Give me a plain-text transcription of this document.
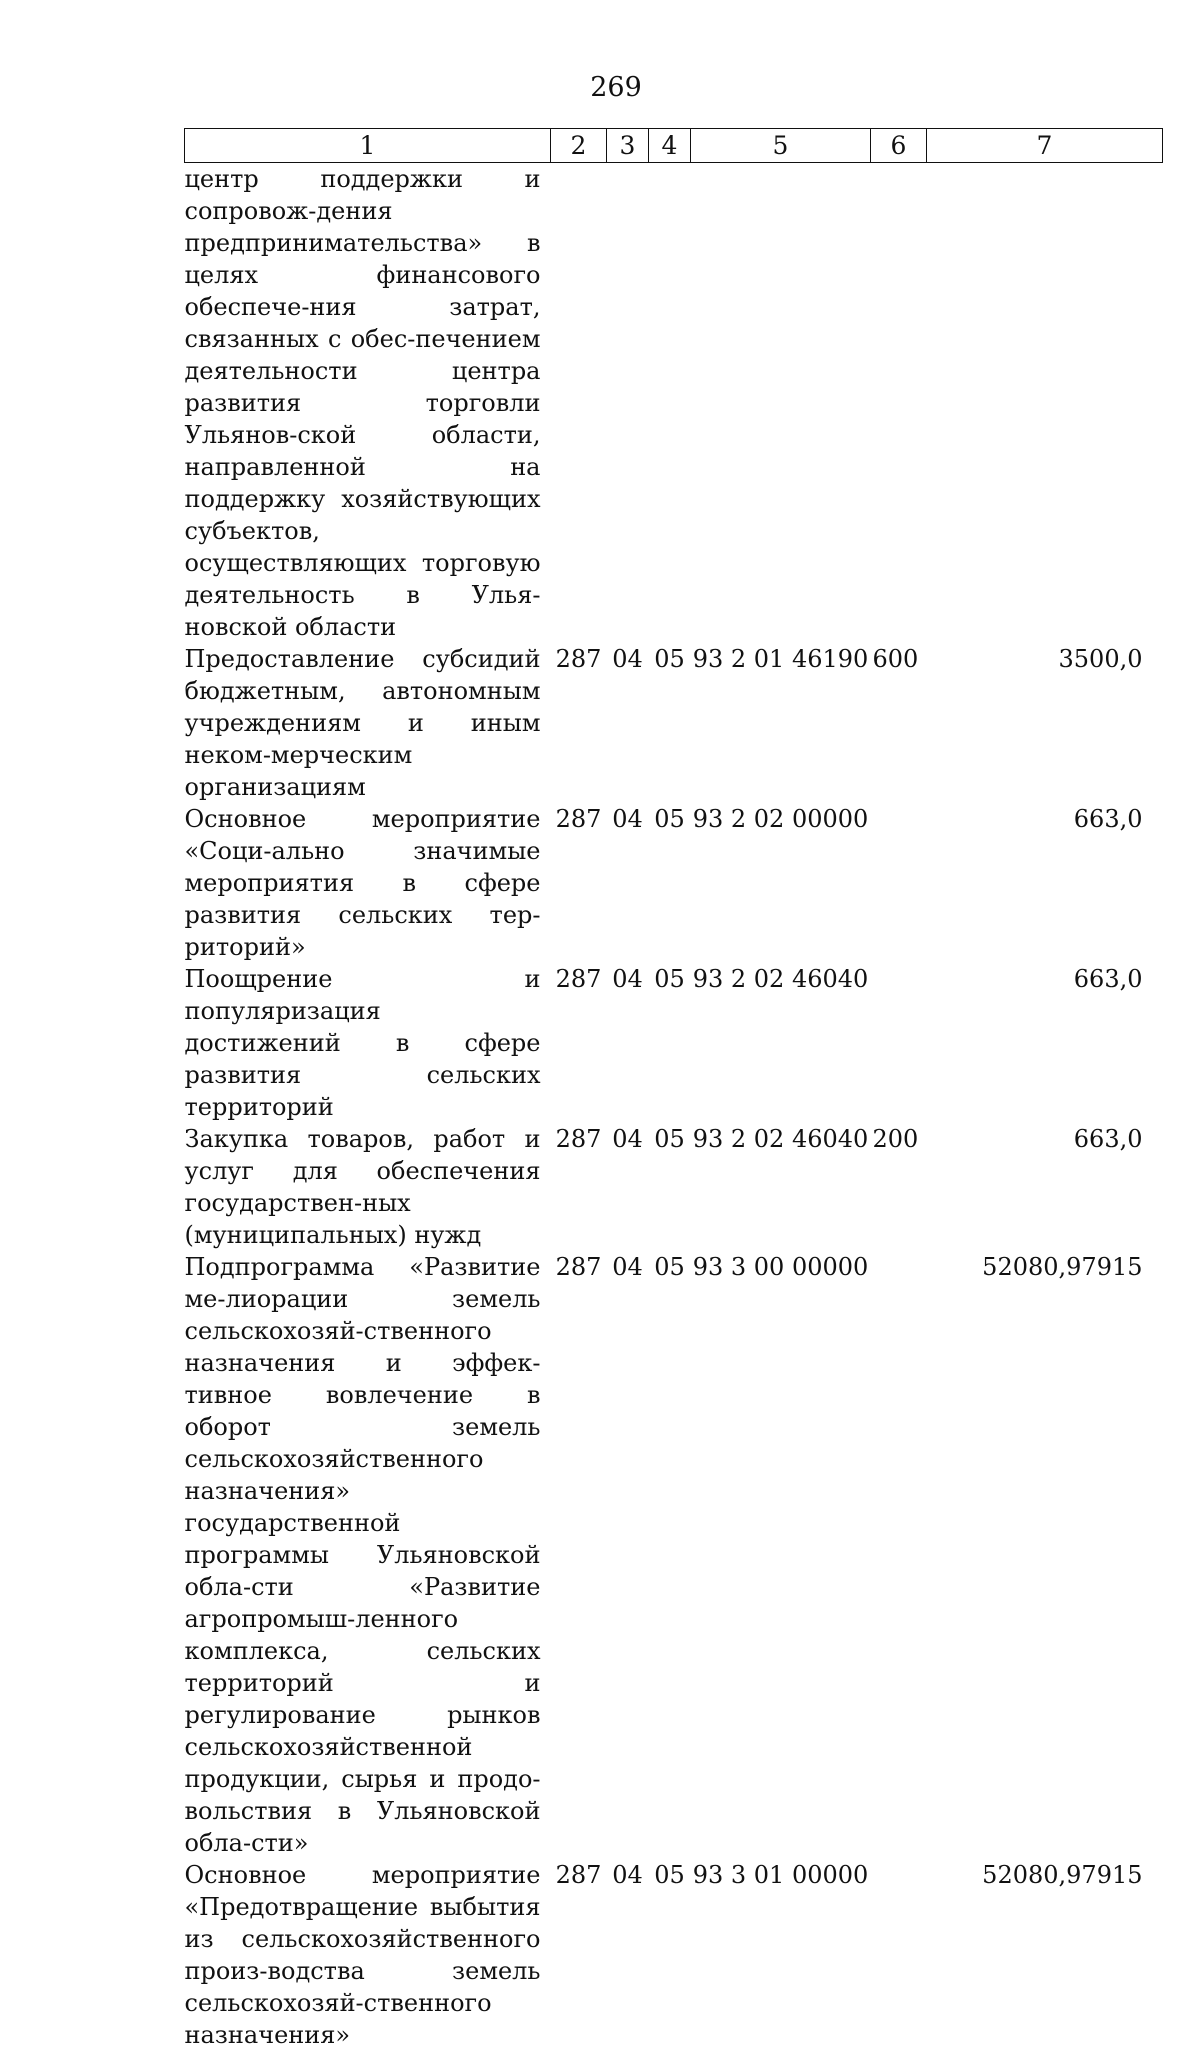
269
1	2	3	4	5	6	7
центр поддержки и сопровож-дения предпринимательства» в целях финансового обеспече-ния затрат, связанных с обес-печением деятельности центра развития торговли Ульянов-ской области, направленной на поддержку хозяйствующих субъектов, осуществляющих торговую деятельность в Улья-новской области						
Предоставление субсидий бюджетным, автономным учреждениям и иным неком-мерческим организациям	287	04	05	93 2 01 46190	600	3500,0
Основное мероприятие «Соци-ально значимые мероприятия в сфере развития сельских тер-риторий»	287	04	05	93 2 02 00000		663,0
Поощрение и популяризация достижений в сфере развития сельских территорий	287	04	05	93 2 02 46040		663,0
Закупка товаров, работ и услуг для обеспечения государствен-ных (муниципальных) нужд	287	04	05	93 2 02 46040	200	663,0
Подпрограмма «Развитие ме-лиорации земель сельскохозяй-ственного назначения и эффек-тивное вовлечение в оборот земель сельскохозяйственного назначения» государственной программы Ульяновской обла-сти «Развитие агропромыш-ленного комплекса, сельских территорий и регулирование рынков сельскохозяйственной продукции, сырья и продо-вольствия в Ульяновской обла-сти»	287	04	05	93 3 00 00000		52080,97915
Основное мероприятие «Предотвращение выбытия из сельскохозяйственного произ-водства земель сельскохозяй-ственного назначения»	287	04	05	93 3 01 00000		52080,97915
